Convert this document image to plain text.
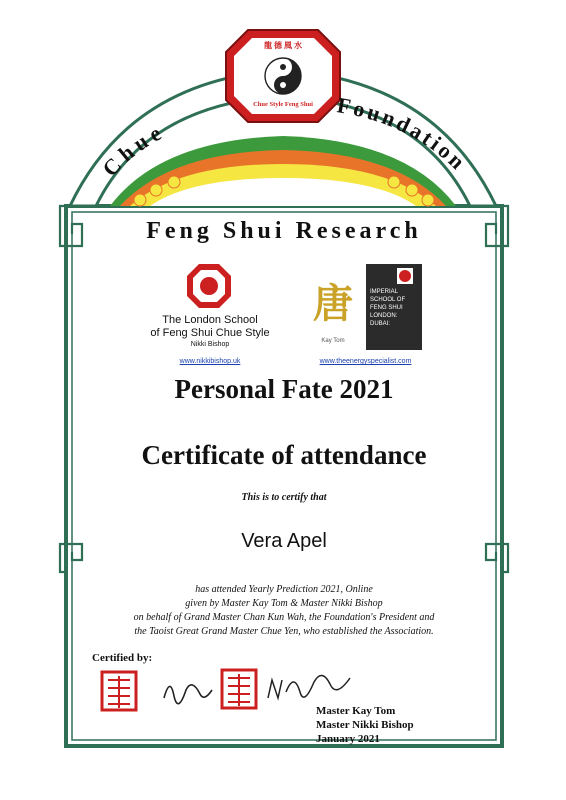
Chue
Foundation
龍 德 風 水
Chue Style Feng Shui
Feng Shui Research
The London School
of Feng Shui Chue Style
Nikki Bishop
www.nikkibishop.uk
唐
Kay Tom
IMPERIAL
SCHOOL OF
FENG SHUI
LONDON:
DUBAI:
www.theenergyspecialist.com
Personal Fate 2021
Certificate of attendance
This is to certify that
Vera Apel
has attended Yearly Prediction 2021, Online
given by Master Kay Tom & Master Nikki Bishop
on behalf of Grand Master Chan Kun Wah, the Foundation's President and
the Taoist Great Grand Master Chue Yen, who established the Association.
Certified by:
Master Kay Tom
Master Nikki Bishop
January 2021
